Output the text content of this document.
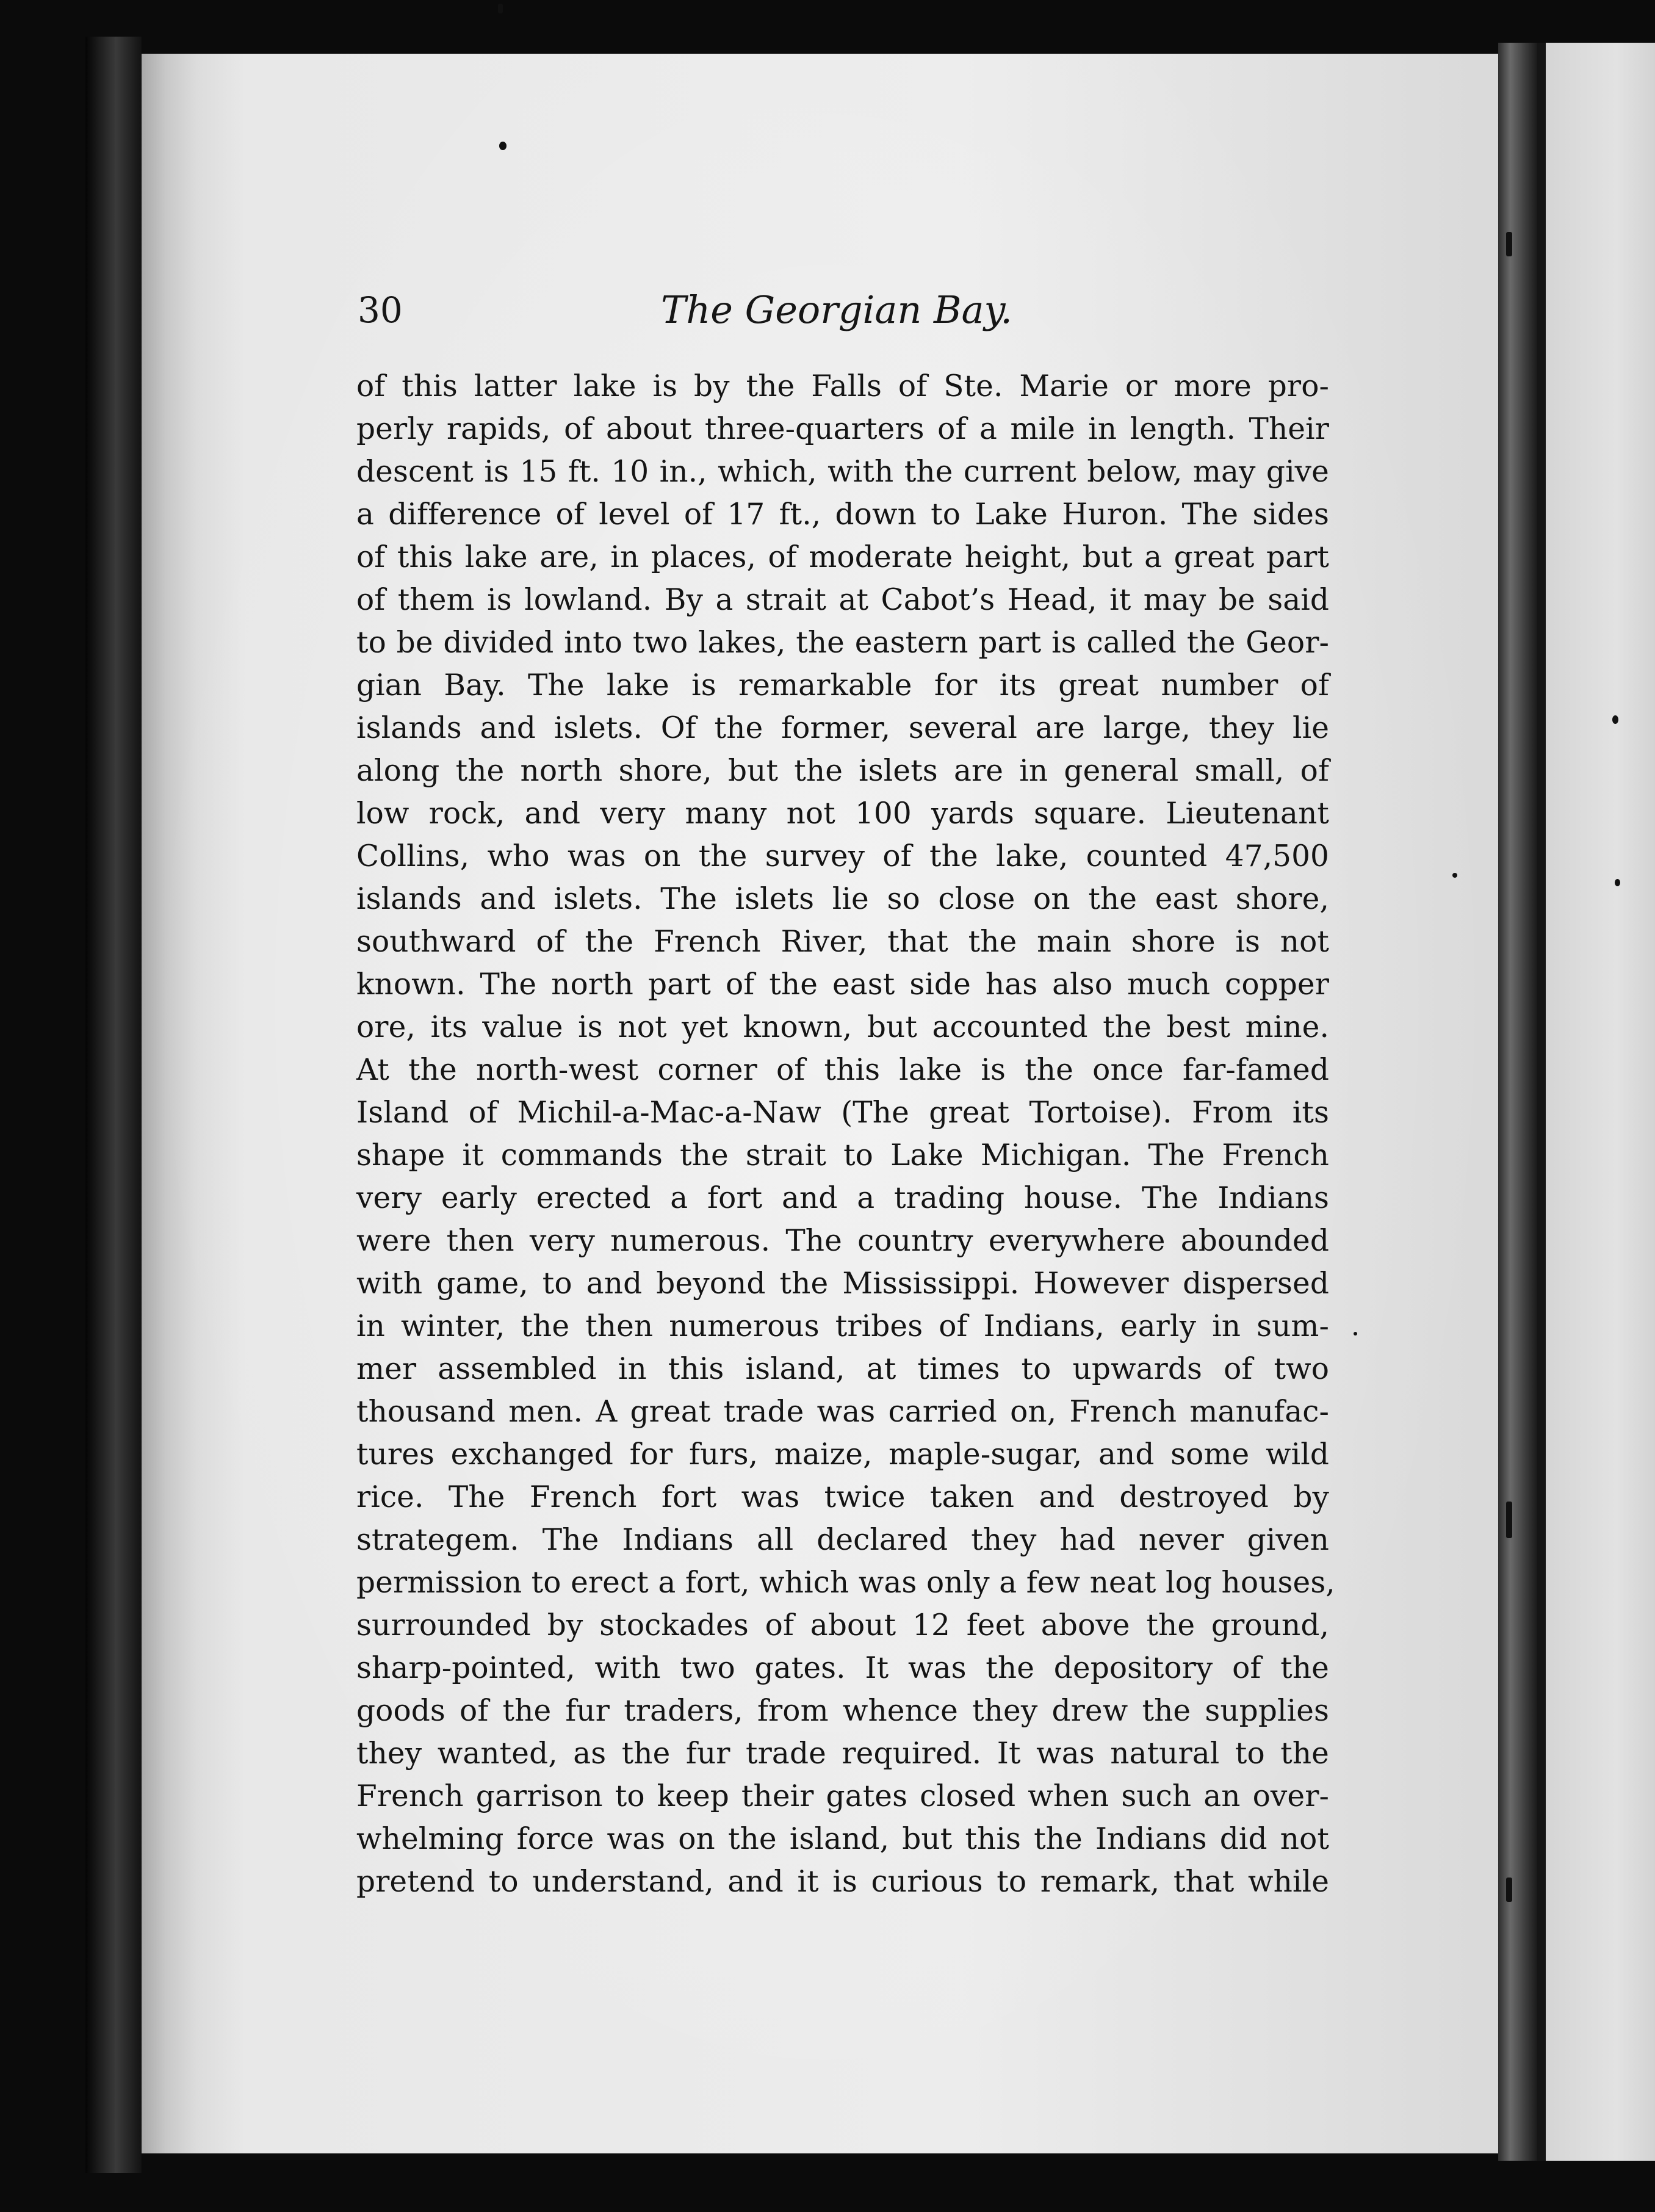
30	The Georgian Bay.
of this latter lake is by the Falls of Ste. Marie or more pro-
perly rapids, of about three-quarters of a mile in length. Their
descent is 15 ft. 10 in., which, with the current below, may give
a difference of level of 17 ft., down to Lake Huron. The sides
of this lake are, in places, of moderate height, but a great part
of them is lowland. By a strait at Cabot’s Head, it may be said
to be divided into two lakes, the eastern part is called the Geor-
gian Bay. The lake is remarkable for its great number of
islands and islets. Of the former, several are large, they lie
along the north shore, but the islets are in general small, of
low rock, and very many not 100 yards square. Lieutenant
Collins, who was on the survey of the lake, counted 47,500
islands and islets. The islets lie so close on the east shore,
southward of the French River, that the main shore is not
known. The north part of the east side has also much copper
ore, its value is not yet known, but accounted the best mine.
At the north-west corner of this lake is the once far-famed
Island of Michil-a-Mac-a-Naw (The great Tortoise). From its
shape it commands the strait to Lake Michigan. The French
very early erected a fort and a trading house. The Indians
were then very numerous. The country everywhere abounded
with game, to and beyond the Mississippi. However dispersed
in winter, the then numerous tribes of Indians, early in sum-
mer assembled in this island, at times to upwards of two
thousand men. A great trade was carried on, French manufac-
tures exchanged for furs, maize, maple-sugar, and some wild
rice. The French fort was twice taken and destroyed by
strategem. The Indians all declared they had never given
permission to erect a fort, which was only a few neat log houses,
surrounded by stockades of about 12 feet above the ground,
sharp-pointed, with two gates. It was the depository of the
goods of the fur traders, from whence they drew the supplies
they wanted, as the fur trade required. It was natural to the
French garrison to keep their gates closed when such an over-
whelming force was on the island, but this the Indians did not
pretend to understand, and it is curious to remark, that while
